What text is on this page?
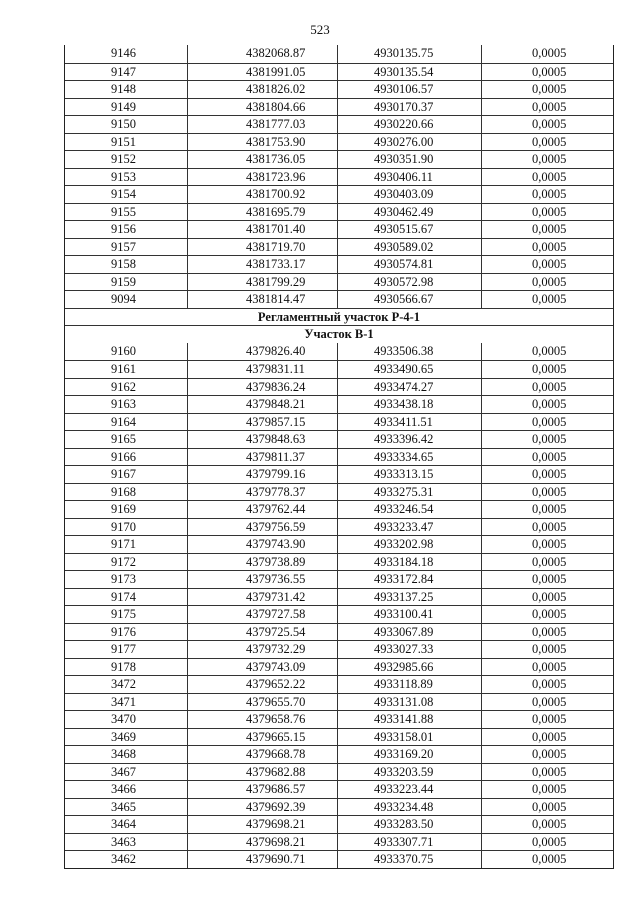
523
9146	4382068.87	4930135.75	0,0005
9147	4381991.05	4930135.54	0,0005
9148	4381826.02	4930106.57	0,0005
9149	4381804.66	4930170.37	0,0005
9150	4381777.03	4930220.66	0,0005
9151	4381753.90	4930276.00	0,0005
9152	4381736.05	4930351.90	0,0005
9153	4381723.96	4930406.11	0,0005
9154	4381700.92	4930403.09	0,0005
9155	4381695.79	4930462.49	0,0005
9156	4381701.40	4930515.67	0,0005
9157	4381719.70	4930589.02	0,0005
9158	4381733.17	4930574.81	0,0005
9159	4381799.29	4930572.98	0,0005
9094	4381814.47	4930566.67	0,0005
Регламентный участок Р-4-1
Участок В-1
9160	4379826.40	4933506.38	0,0005
9161	4379831.11	4933490.65	0,0005
9162	4379836.24	4933474.27	0,0005
9163	4379848.21	4933438.18	0,0005
9164	4379857.15	4933411.51	0,0005
9165	4379848.63	4933396.42	0,0005
9166	4379811.37	4933334.65	0,0005
9167	4379799.16	4933313.15	0,0005
9168	4379778.37	4933275.31	0,0005
9169	4379762.44	4933246.54	0,0005
9170	4379756.59	4933233.47	0,0005
9171	4379743.90	4933202.98	0,0005
9172	4379738.89	4933184.18	0,0005
9173	4379736.55	4933172.84	0,0005
9174	4379731.42	4933137.25	0,0005
9175	4379727.58	4933100.41	0,0005
9176	4379725.54	4933067.89	0,0005
9177	4379732.29	4933027.33	0,0005
9178	4379743.09	4932985.66	0,0005
3472	4379652.22	4933118.89	0,0005
3471	4379655.70	4933131.08	0,0005
3470	4379658.76	4933141.88	0,0005
3469	4379665.15	4933158.01	0,0005
3468	4379668.78	4933169.20	0,0005
3467	4379682.88	4933203.59	0,0005
3466	4379686.57	4933223.44	0,0005
3465	4379692.39	4933234.48	0,0005
3464	4379698.21	4933283.50	0,0005
3463	4379698.21	4933307.71	0,0005
3462	4379690.71	4933370.75	0,0005
